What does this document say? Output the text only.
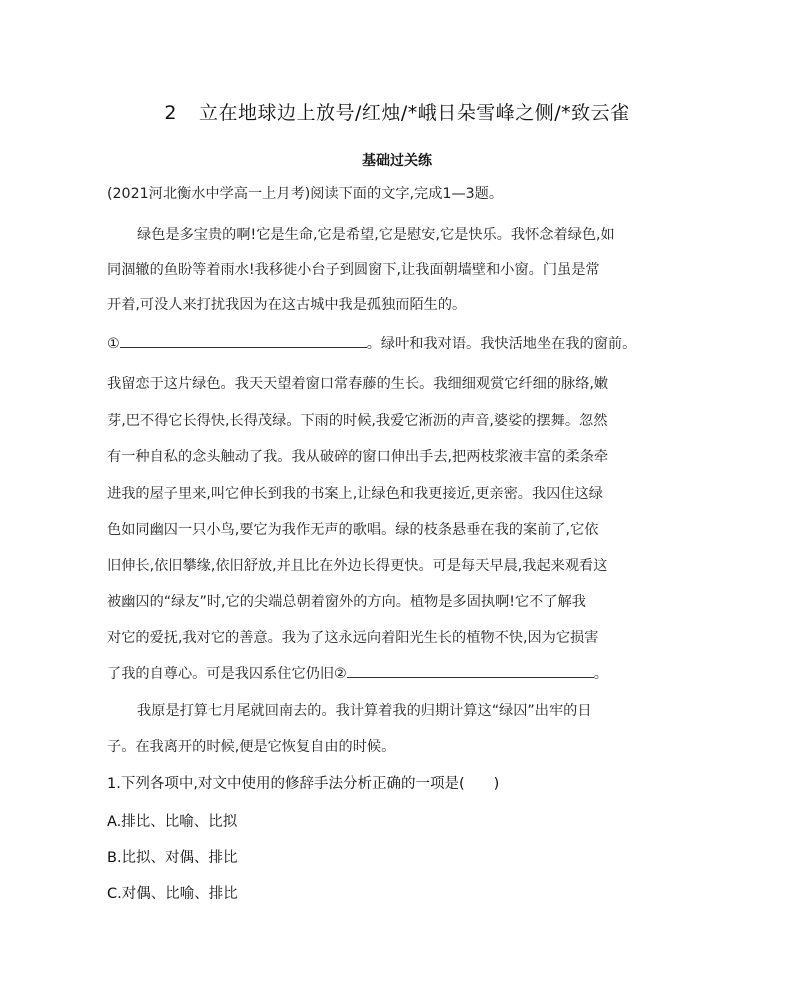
2 立在地球边上放号/红烛/*峨日朵雪峰之侧/*致云雀
基础过关练
(2021河北衡水中学高一上月考)阅读下面的文字,完成1—3题。
绿色是多宝贵的啊!它是生命,它是希望,它是慰安,它是快乐。我怀念着绿色,如
同涸辙的鱼盼等着雨水!我移徙小台子到圆窗下,让我面朝墙壁和小窗。门虽是常
开着,可没人来打扰我因为在这古城中我是孤独而陌生的。
①	。绿叶和我对语。我快活地坐在我的窗前。
我留恋于这片绿色。我天天望着窗口常春藤的生长。我细细观赏它纤细的脉络,嫩
芽,巴不得它长得快,长得茂绿。下雨的时候,我爱它淅沥的声音,婆娑的摆舞。忽然
有一种自私的念头触动了我。我从破碎的窗口伸出手去,把两枝浆液丰富的柔条牵
进我的屋子里来,叫它伸长到我的书案上,让绿色和我更接近,更亲密。我囚住这绿
色如同幽囚一只小鸟,要它为我作无声的歌唱。绿的枝条悬垂在我的案前了,它依
旧伸长,依旧攀缘,依旧舒放,并且比在外边长得更快。可是每天早晨,我起来观看这
被幽囚的“绿友”时,它的尖端总朝着窗外的方向。植物是多固执啊!它不了解我
对它的爱抚,我对它的善意。我为了这永远向着阳光生长的植物不快,因为它损害
了我的自尊心。可是我囚系住它仍旧②	。
我原是打算七月尾就回南去的。我计算着我的归期计算这“绿囚”出牢的日
子。在我离开的时候,便是它恢复自由的时候。
1.下列各项中,对文中使用的修辞手法分析正确的一项是(　　)
A.排比、比喻、比拟
B.比拟、对偶、排比
C.对偶、比喻、排比
